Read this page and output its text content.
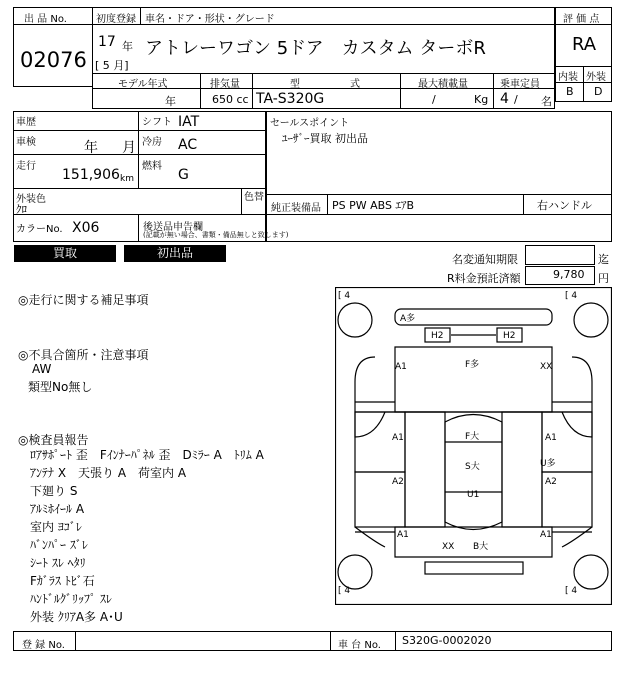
出 品 No.
02076
初度登録 車名・ドア・形状・グレード
17 年
[ 5 月]
アトレーワゴン 5ドア　カスタム ターボR
モデル年式	排気量	型　　　　　式	最大積載量	乗車定員
年	650 cc TA-S320G	/	Kg 4 / 名
評 価 点
RA
内装 外装
B D
車歴	シフト IAT
車検	年 月 冷房 AC
走行
151,906 km
燃料
G
外装色
ｸﾛ
色替
カラーNo. X06	後送品申告欄
(記載が無い場合、書類・備品無しと致します)
セールスポイント
ﾕｰｻﾞｰ買取 初出品
純正装備品 PS PW ABS ｴｱB	右ハンドル
買取	初出品	名変通知期限	迄
R料金預託済額	9,780 円
◎走行に関する補足事項
◎不具合箇所・注意事項
AW
類型No無し
◎検査員報告
ﾛｱｻﾎﾟｰﾄ 歪　Fｲﾝﾅｰﾊﾟﾈﾙ 歪　Dﾐﾗｰ A　ﾄﾘﾑ A
ｱﾝﾃﾅ X　天張り A　荷室内 A
下廻り S
ｱﾙﾐﾎｲｰﾙ A
室内 ﾖｺﾞﾚ
ﾊﾞﾝﾊﾟｰ ｽﾞﾚ
ｼｰﾄ ｽﾚ ﾍﾀﾘ
Fｶﾞﾗｽ ﾄﾋﾞ石
ﾊﾝﾄﾞﾙｸﾞﾘｯﾌﾟ ｽﾚ
外装 ｸﾘｱA多 A･U
[ 4	[ 4
[ 4	[ 4
A多
H2	H2
F多
A1	XX
A1	A1
F大
S大
U1
A2
U多
A2
A1	A1
XX B大
登 録 No.	車 台 No. S320G-0002020
